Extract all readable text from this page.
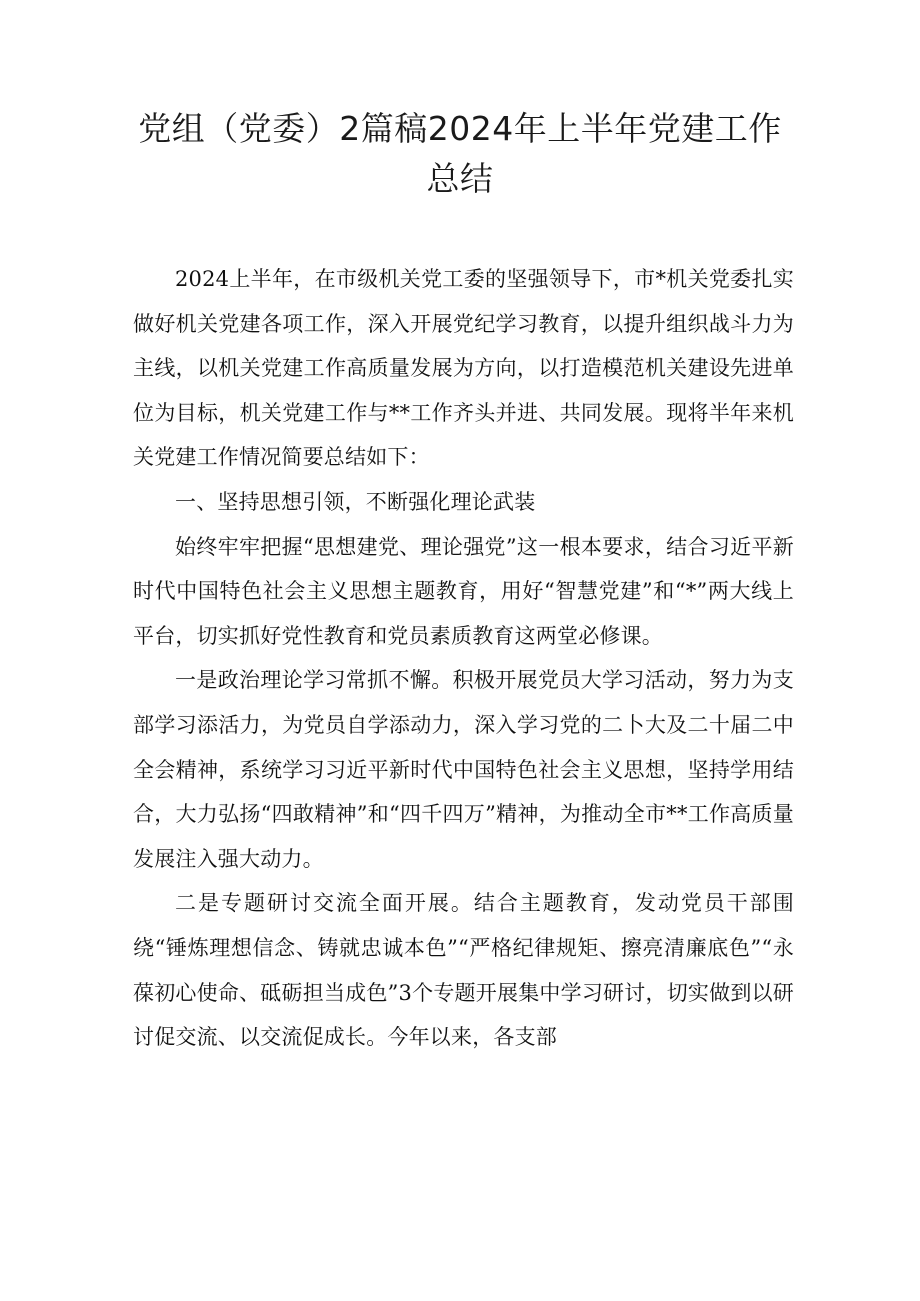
党组（党委）2篇稿2024年上半年党建工作
总结

2024上半年，在市级机关党工委的坚强领导下，市*机关党委扎实做好机关党建各项工作，深入开展党纪学习教育，以提升组织战斗力为主线，以机关党建工作高质量发展为方向，以打造模范机关建设先进单位为目标，机关党建工作与**工作齐头并进、共同发展。现将半年来机关党建工作情况简要总结如下：

一、坚持思想引领，不断强化理论武装

始终牢牢把握“思想建党、理论强党”这一根本要求，结合习近平新时代中国特色社会主义思想主题教育，用好“智慧党建”和“*”两大线上平台，切实抓好党性教育和党员素质教育这两堂必修课。

一是政治理论学习常抓不懈。积极开展党员大学习活动，努力为支部学习添活力，为党员自学添动力，深入学习党的二卜大及二十届二中全会精神，系统学习习近平新时代中国特色社会主义思想，坚持学用结合，大力弘扬“四敢精神”和“四千四万”精神，为推动全市**工作高质量发展注入强大动力。

二是专题研讨交流全面开展。结合主题教育，发动党员干部围绕“锤炼理想信念、铸就忠诚本色”“严格纪律规矩、擦亮清廉底色”“永葆初心使命、砥砺担当成色”3个专题开展集中学习研讨，切实做到以研讨促交流、以交流促成长。今年以来，各支部
